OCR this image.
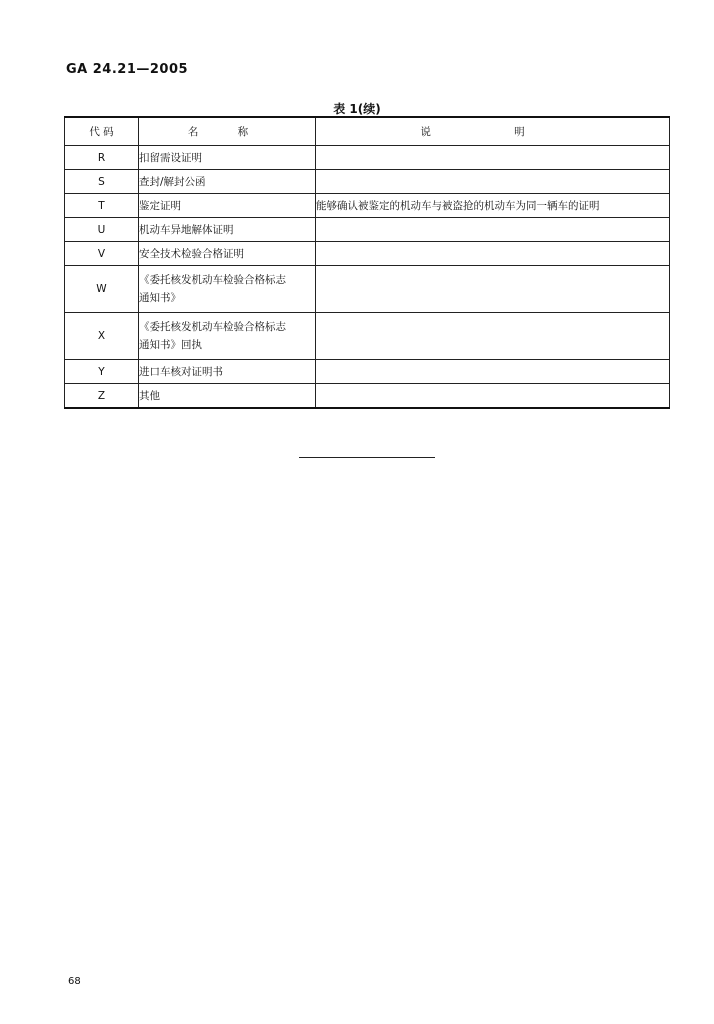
GA 24.21—2005
表 1(续)
代 码	名 称	说 明
R	扣留需设证明	

S	查封/解封公函	

T	鉴定证明	能够确认被鉴定的机动车与被盗抢的机动车为同一辆车的证明
U	机动车异地解体证明	

V	安全技术检验合格证明	

W	《委托核发机动车检验合格标志
通知书》	

X	《委托核发机动车检验合格标志
通知书》回执	

Y	进口车核对证明书	

Z	其他	

68
